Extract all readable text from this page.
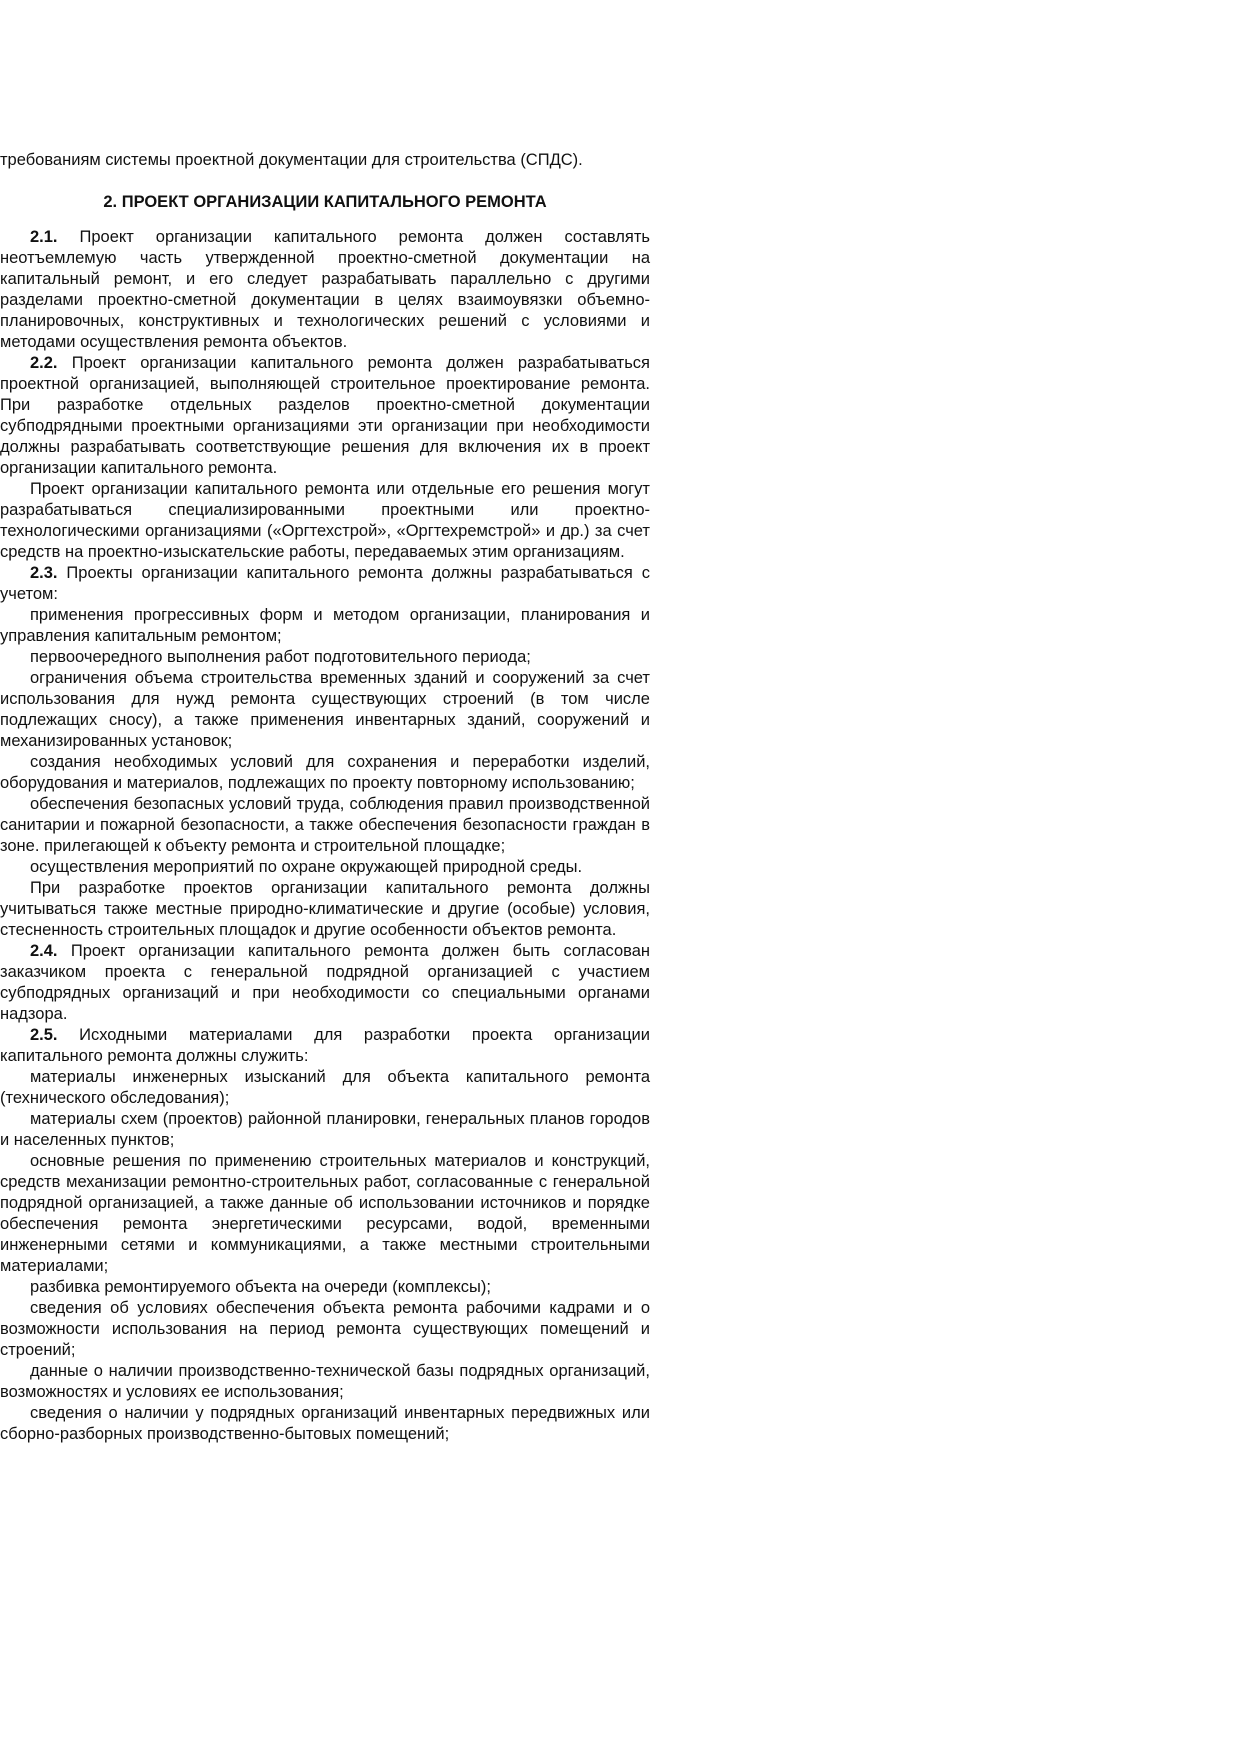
требованиям системы проектной документации для строительства (СПДС).

2. ПРОЕКТ ОРГАНИЗАЦИИ КАПИТАЛЬНОГО РЕМОНТА

2.1. Проект организации капитального ремонта должен составлять неотъемлемую часть утвержденной проектно-сметной документации на капитальный ремонт, и его следует разрабатывать параллельно с другими разделами проектно-сметной документации в целях взаимоувязки объемно-планировочных, конструктивных и технологических решений с условиями и методами осуществления ремонта объектов.

2.2. Проект организации капитального ремонта должен разрабатываться проектной организацией, выполняющей строительное проектирование ремонта. При разработке отдельных разделов проектно-сметной документации субподрядными проектными организациями эти организации при необходимости должны разрабатывать соответствующие решения для включения их в проект организации капитального ремонта.

Проект организации капитального ремонта или отдельные его решения могут разрабатываться специализированными проектными или проектно-технологическими организациями («Оргтехстрой», «Оргтехремстрой» и др.) за счет средств на проектно-изыскательские работы, передаваемых этим организациям.

2.3. Проекты организации капитального ремонта должны разрабатываться с учетом:

применения прогрессивных форм и методом организации, планирования и управления капитальным ремонтом;

первоочередного выполнения работ подготовительного периода;

ограничения объема строительства временных зданий и сооружений за счет использования для нужд ремонта существующих строений (в том числе подлежащих сносу), а также применения инвентарных зданий, сооружений и механизированных установок;

создания необходимых условий для сохранения и переработки изделий, оборудования и материалов, подлежащих по проекту повторному использованию;

обеспечения безопасных условий труда, соблюдения правил производственной санитарии и пожарной безопасности, а также обеспечения безопасности граждан в зоне. прилегающей к объекту ремонта и строительной площадке;

осуществления мероприятий по охране окружающей природной среды.

При разработке проектов организации капитального ремонта должны учитываться также местные природно-климатические и другие (особые) условия, стесненность строительных площадок и другие особенности объектов ремонта.

2.4. Проект организации капитального ремонта должен быть согласован заказчиком проекта с генеральной подрядной организацией с участием субподрядных организаций и при необходимости со специальными органами надзора.

2.5. Исходными материалами для разработки проекта организации капитального ремонта должны служить:

материалы инженерных изысканий для объекта капитального ремонта (технического обследования);

материалы схем (проектов) районной планировки, генеральных планов городов и населенных пунктов;

основные решения по применению строительных материалов и конструкций, средств механизации ремонтно-строительных работ, согласованные с генеральной подрядной организацией, а также данные об использовании источников и порядке обеспечения ремонта энергетическими ресурсами, водой, временными инженерными сетями и коммуникациями, а также местными строительными материалами;

разбивка ремонтируемого объекта на очереди (комплексы);

сведения об условиях обеспечения объекта ремонта рабочими кадрами и о возможности использования на период ремонта существующих помещений и строений;

данные о наличии производственно-технической базы подрядных организаций, возможностях и условиях ее использования;

сведения о наличии у подрядных организаций инвентарных передвижных или сборно-разборных производственно-бытовых помещений;
